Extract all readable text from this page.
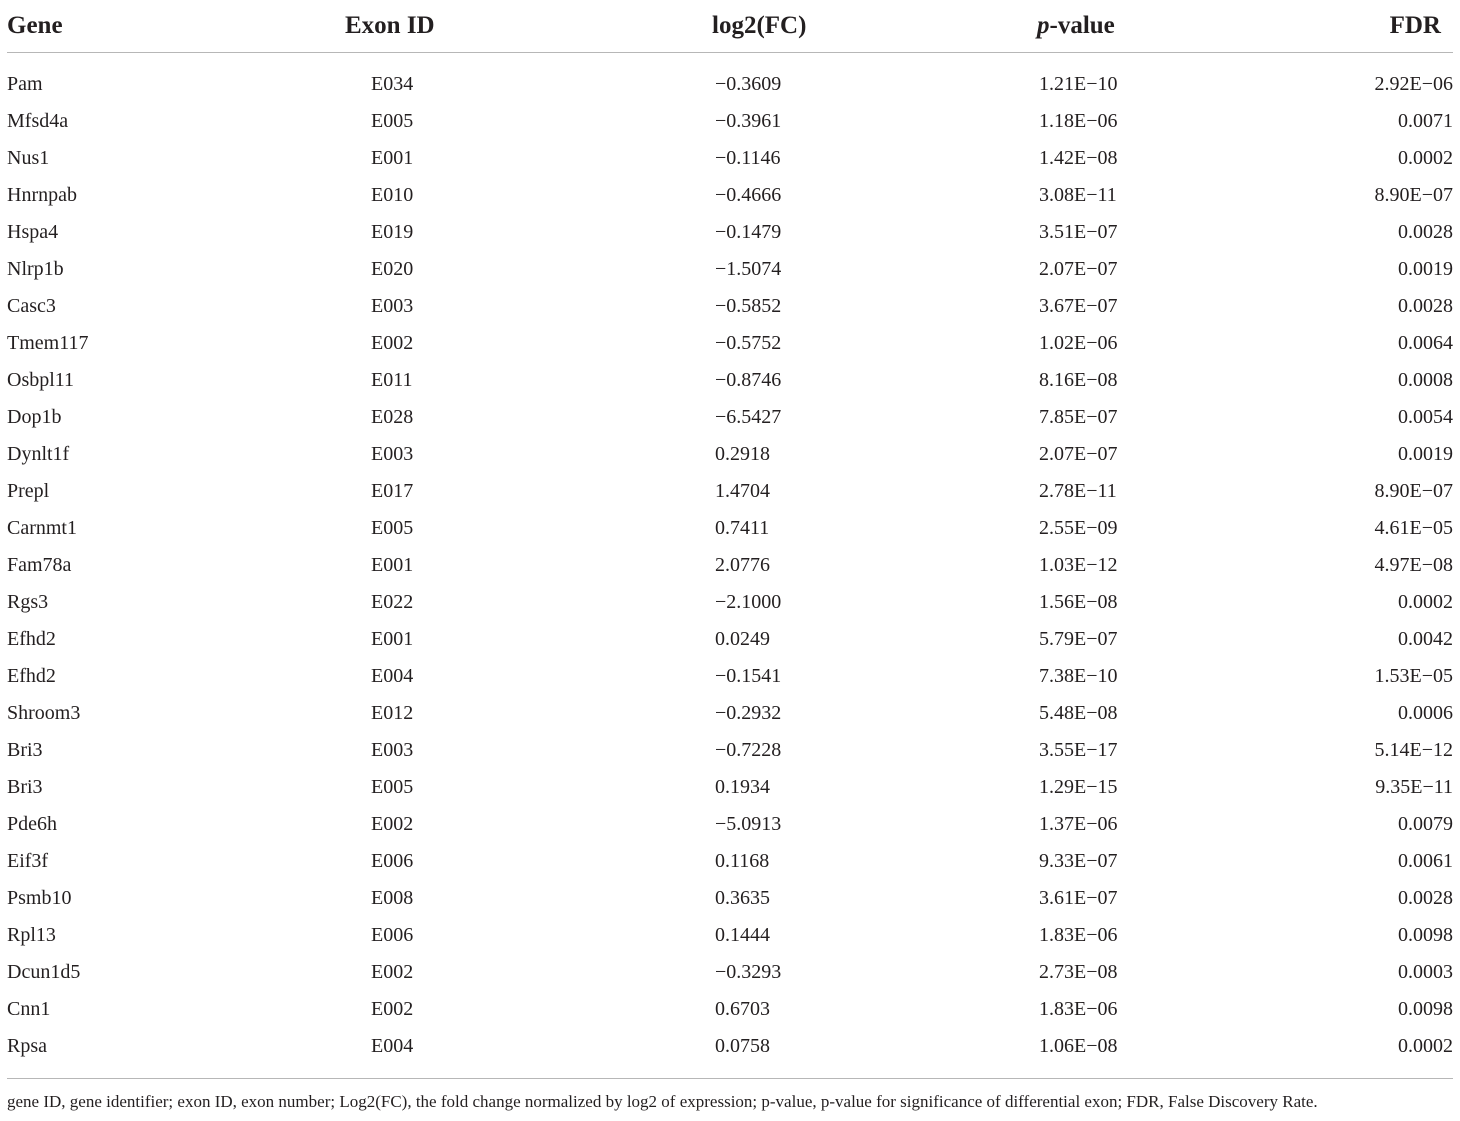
Gene	Exon ID	log2(FC)	p-value	FDR
Pam	E034	−0.3609	1.21E−10	2.92E−06
Mfsd4a	E005	−0.3961	1.18E−06	0.0071
Nus1	E001	−0.1146	1.42E−08	0.0002
Hnrnpab	E010	−0.4666	3.08E−11	8.90E−07
Hspa4	E019	−0.1479	3.51E−07	0.0028
Nlrp1b	E020	−1.5074	2.07E−07	0.0019
Casc3	E003	−0.5852	3.67E−07	0.0028
Tmem117	E002	−0.5752	1.02E−06	0.0064
Osbpl11	E011	−0.8746	8.16E−08	0.0008
Dop1b	E028	−6.5427	7.85E−07	0.0054
Dynlt1f	E003	0.2918	2.07E−07	0.0019
Prepl	E017	1.4704	2.78E−11	8.90E−07
Carnmt1	E005	0.7411	2.55E−09	4.61E−05
Fam78a	E001	2.0776	1.03E−12	4.97E−08
Rgs3	E022	−2.1000	1.56E−08	0.0002
Efhd2	E001	0.0249	5.79E−07	0.0042
Efhd2	E004	−0.1541	7.38E−10	1.53E−05
Shroom3	E012	−0.2932	5.48E−08	0.0006
Bri3	E003	−0.7228	3.55E−17	5.14E−12
Bri3	E005	0.1934	1.29E−15	9.35E−11
Pde6h	E002	−5.0913	1.37E−06	0.0079
Eif3f	E006	0.1168	9.33E−07	0.0061
Psmb10	E008	0.3635	3.61E−07	0.0028
Rpl13	E006	0.1444	1.83E−06	0.0098
Dcun1d5	E002	−0.3293	2.73E−08	0.0003
Cnn1	E002	0.6703	1.83E−06	0.0098
Rpsa	E004	0.0758	1.06E−08	0.0002
gene ID, gene identifier; exon ID, exon number; Log2(FC), the fold change normalized by log2 of expression; p-value, p-value for significance of differential exon; FDR, False Discovery Rate.
